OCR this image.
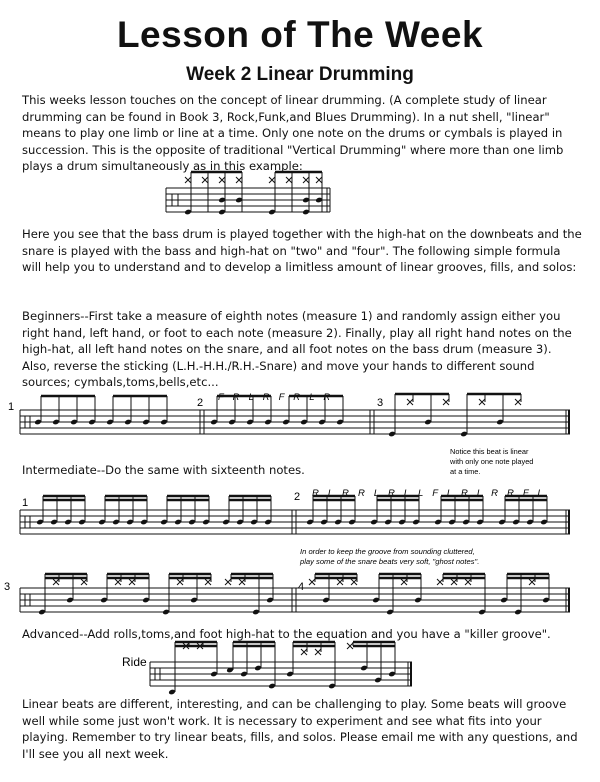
Lesson of The Week
Week 2 Linear Drumming
This weeks lesson touches on the concept of linear drumming. (A complete study of linear drumming can be found in Book 3, Rock,Funk,and Blues Drumming). In a nut shell, "linear" means to play one limb or line at a time. Only one note on the drums or cymbals is played in succession. This is the opposite of traditional "Vertical Drumming" where more than one limb plays a drum simultaneously as in this example:
Here you see that the bass drum is played together with the high-hat on the downbeats and the snare is played with the bass and high-hat on "two" and "four". The following simple formula will help you to understand and to develop a limitless amount of linear grooves, fills, and solos:
Beginners--First take a measure of eighth notes (measure 1) and randomly assign either you right hand, left hand, or foot to each note (measure 2). Finally, play all right hand notes on the high-hat, all left hand notes on the snare, and all foot notes on the bass drum (measure 3). Also, reverse the sticking (L.H.-H.H./R.H.-Snare) and move your hands to different sound sources; cymbals,toms,bells,etc...
1	2	3
F R L R F R L R
Notice this beat is linear
with only one note played
at a time.
Intermediate--Do the same with sixteenth notes.
1	2 R L R R L R L L F L R L R R F L
In order to keep the groove from sounding cluttered,
play some of the snare beats very soft, "ghost notes".
3	4
Advanced--Add rolls,toms,and foot high-hat to the equation and you have a "killer groove".
Ride
Linear beats are different, interesting, and can be challenging to play. Some beats will groove well while some just won't work. It is necessary to experiment and see what fits into your playing. Remember to try linear beats, fills, and solos. Please email me with any questions, and I'll see you all next week.
